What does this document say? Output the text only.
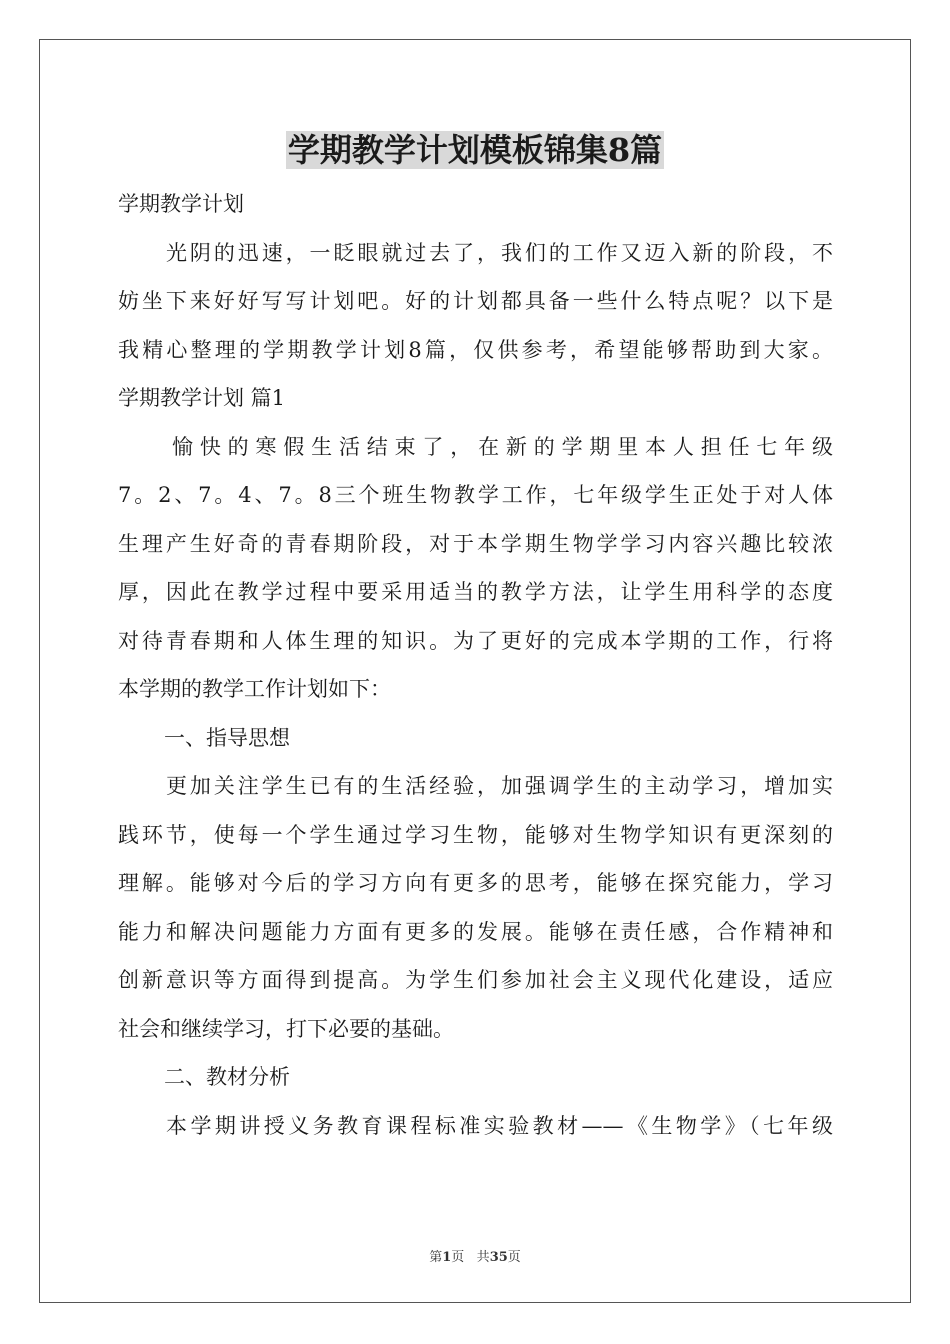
学期教学计划模板锦集8篇
学期教学计划
光阴的迅速，一眨眼就过去了，我们的工作又迈入新的阶段，不
妨坐下来好好写写计划吧。好的计划都具备一些什么特点呢？以下是
我精心整理的学期教学计划8篇，仅供参考，希望能够帮助到大家。
学期教学计划 篇1
愉快的寒假生活结束了，在新的学期里本人担任七年级
7。2、7。4、7。8三个班生物教学工作，七年级学生正处于对人体
生理产生好奇的青春期阶段，对于本学期生物学学习内容兴趣比较浓
厚，因此在教学过程中要采用适当的教学方法，让学生用科学的态度
对待青春期和人体生理的知识。为了更好的完成本学期的工作，行将
本学期的教学工作计划如下：
一、指导思想
更加关注学生已有的生活经验，加强调学生的主动学习，增加实
践环节，使每一个学生通过学习生物，能够对生物学知识有更深刻的
理解。能够对今后的学习方向有更多的思考，能够在探究能力，学习
能力和解决问题能力方面有更多的发展。能够在责任感，合作精神和
创新意识等方面得到提高。为学生们参加社会主义现代化建设，适应
社会和继续学习，打下必要的基础。
二、教材分析
本学期讲授义务教育课程标准实验教材——《生物学》（七年级
第1页 共35页
